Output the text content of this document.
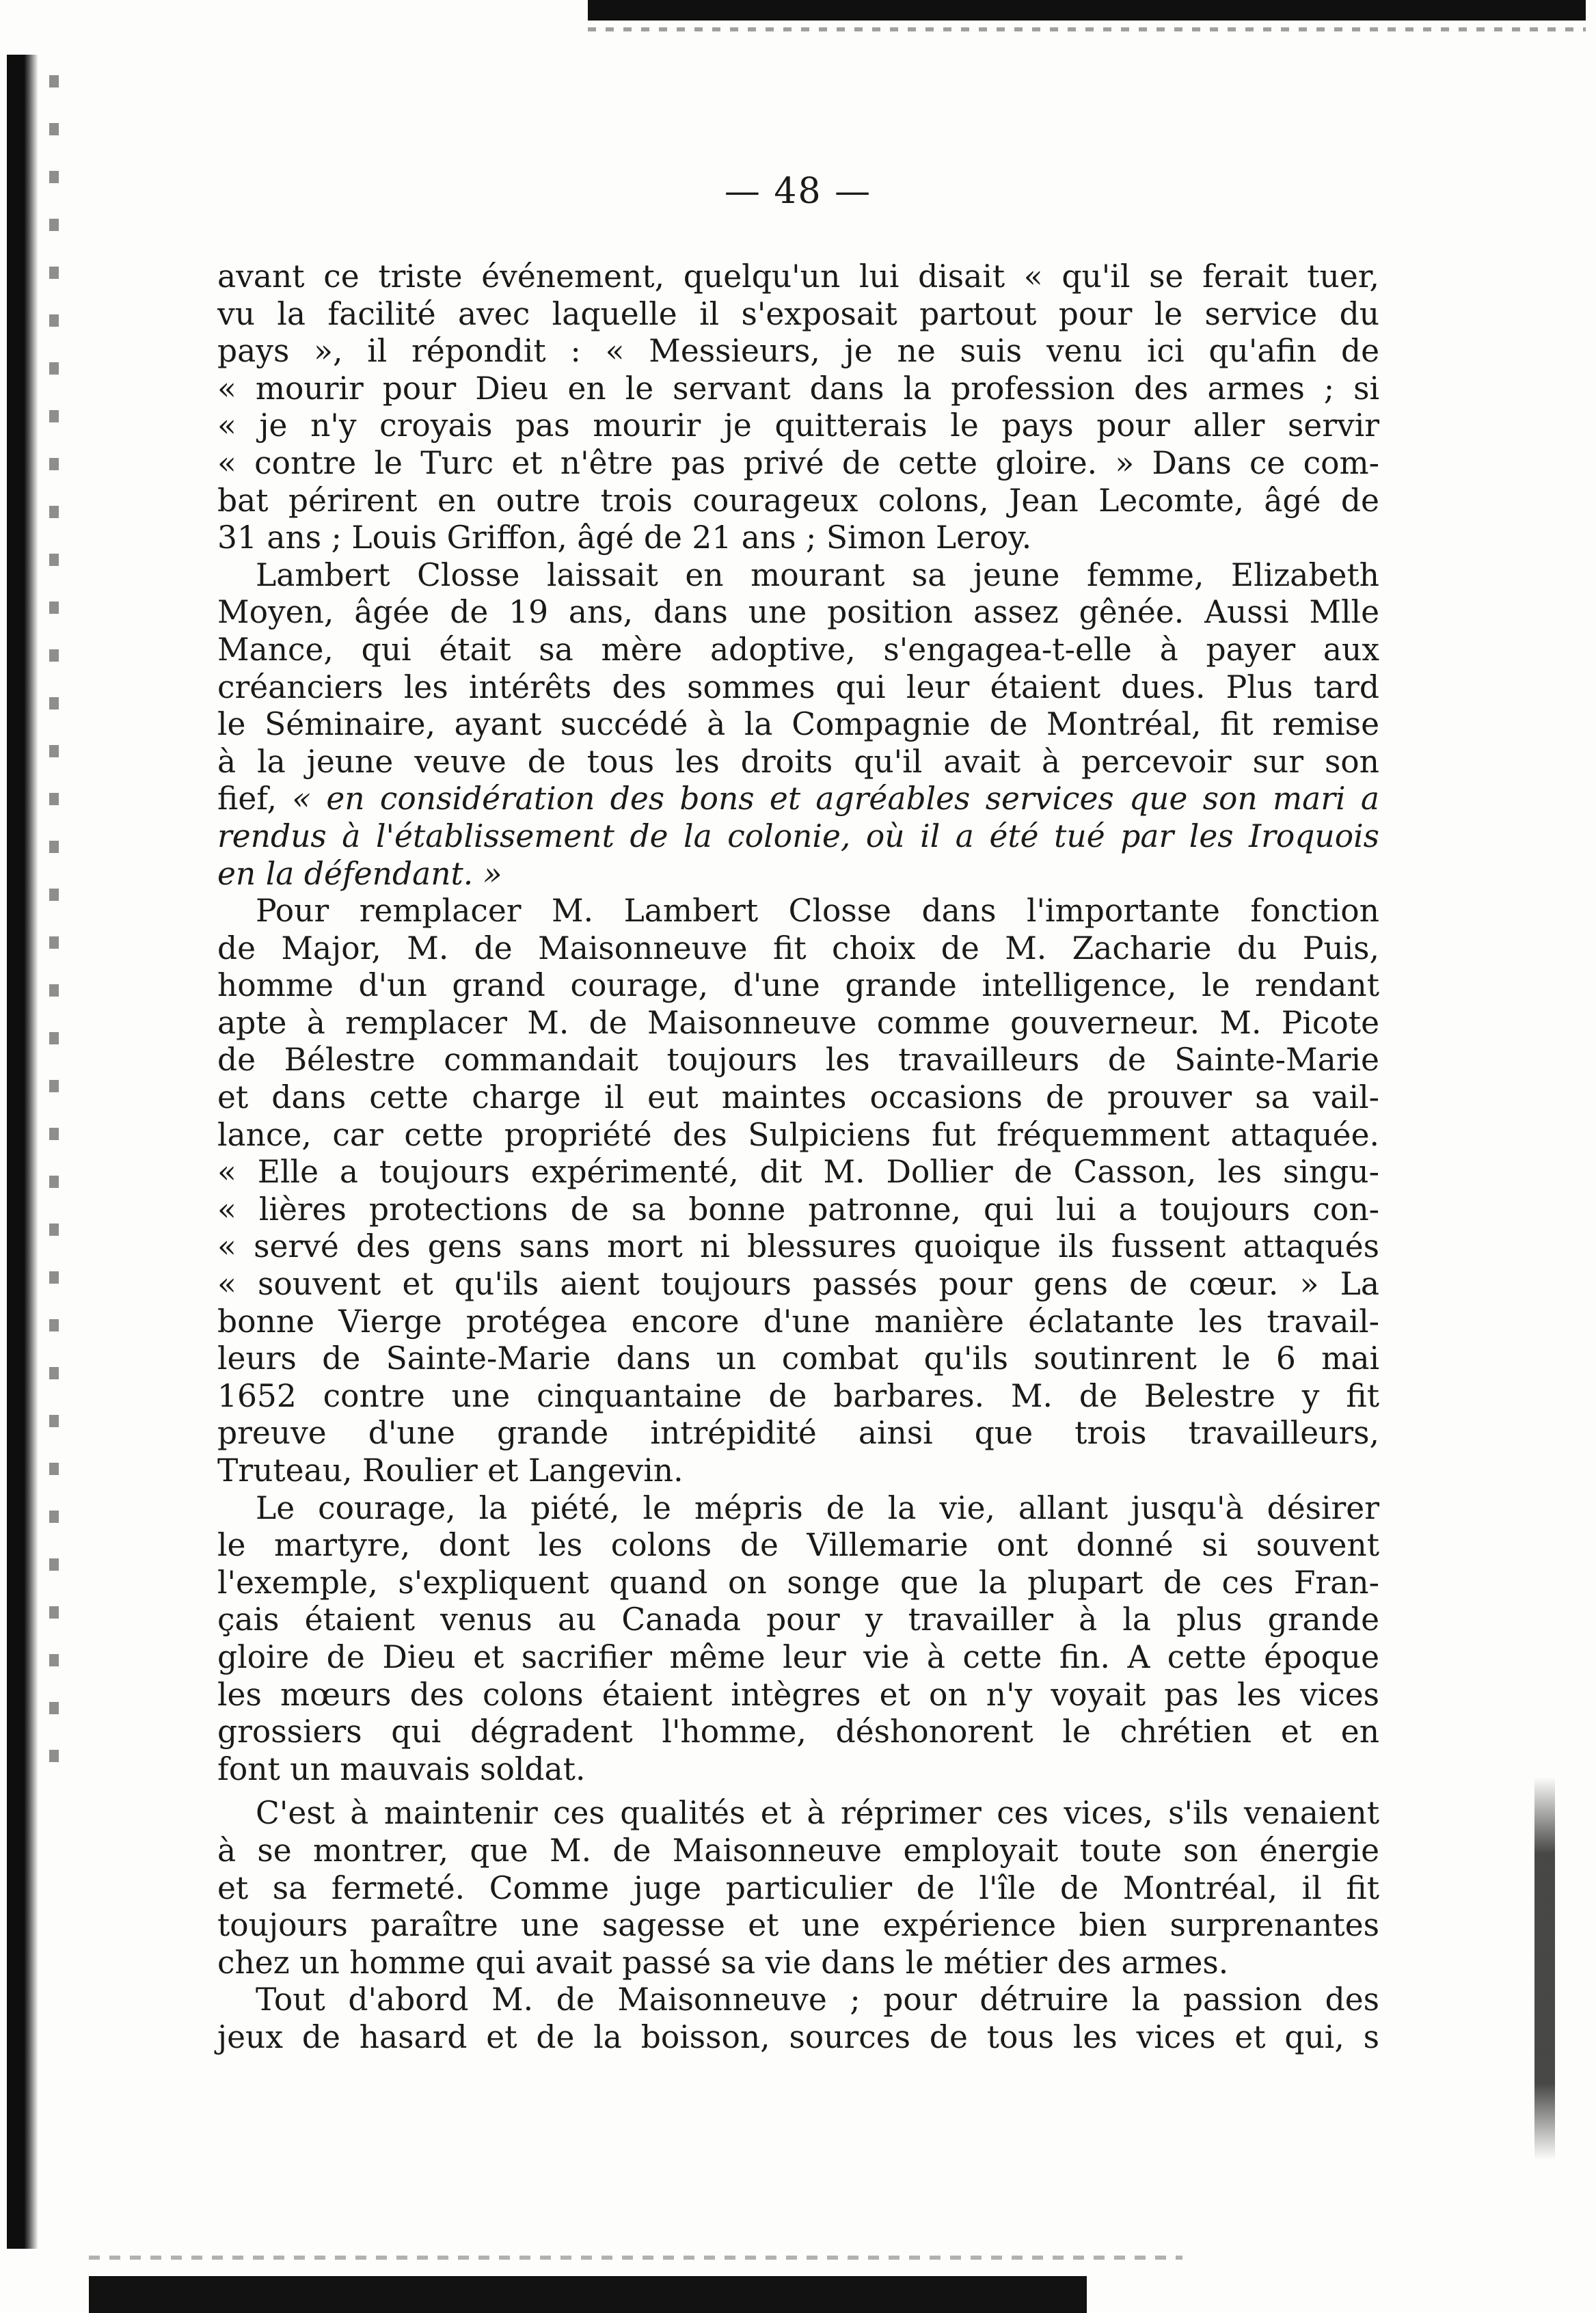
— 48 —
avant ce triste événement, quelqu'un lui disait « qu'il se ferait tuer,
vu la facilité avec laquelle il s'exposait partout pour le service du
pays », il répondit : « Messieurs, je ne suis venu ici qu'afin de
« mourir pour Dieu en le servant dans la profession des armes ; si
« je n'y croyais pas mourir je quitterais le pays pour aller servir
« contre le Turc et n'être pas privé de cette gloire. » Dans ce com-
bat périrent en outre trois courageux colons, Jean Lecomte, âgé de
31 ans ; Louis Griffon, âgé de 21 ans ; Simon Leroy.
Lambert Closse laissait en mourant sa jeune femme, Elizabeth
Moyen, âgée de 19 ans, dans une position assez gênée. Aussi Mlle
Mance, qui était sa mère adoptive, s'engagea-t-elle à payer aux
créanciers les intérêts des sommes qui leur étaient dues. Plus tard
le Séminaire, ayant succédé à la Compagnie de Montréal, fit remise
à la jeune veuve de tous les droits qu'il avait à percevoir sur son
fief, « en considération des bons et agréables services que son mari a
rendus à l'établissement de la colonie, où il a été tué par les Iroquois
en la défendant. »
Pour remplacer M. Lambert Closse dans l'importante fonction
de Major, M. de Maisonneuve fit choix de M. Zacharie du Puis,
homme d'un grand courage, d'une grande intelligence, le rendant
apte à remplacer M. de Maisonneuve comme gouverneur. M. Picote
de Bélestre commandait toujours les travailleurs de Sainte-Marie
et dans cette charge il eut maintes occasions de prouver sa vail-
lance, car cette propriété des Sulpiciens fut fréquemment attaquée.
« Elle a toujours expérimenté, dit M. Dollier de Casson, les singu-
« lières protections de sa bonne patronne, qui lui a toujours con-
« servé des gens sans mort ni blessures quoique ils fussent attaqués
« souvent et qu'ils aient toujours passés pour gens de cœur. » La
bonne Vierge protégea encore d'une manière éclatante les travail-
leurs de Sainte-Marie dans un combat qu'ils soutinrent le 6 mai
1652 contre une cinquantaine de barbares. M. de Belestre y fit
preuve d'une grande intrépidité ainsi que trois travailleurs,
Truteau, Roulier et Langevin.
Le courage, la piété, le mépris de la vie, allant jusqu'à désirer
le martyre, dont les colons de Villemarie ont donné si souvent
l'exemple, s'expliquent quand on songe que la plupart de ces Fran-
çais étaient venus au Canada pour y travailler à la plus grande
gloire de Dieu et sacrifier même leur vie à cette fin. A cette époque
les mœurs des colons étaient intègres et on n'y voyait pas les vices
grossiers qui dégradent l'homme, déshonorent le chrétien et en
font un mauvais soldat.
C'est à maintenir ces qualités et à réprimer ces vices, s'ils venaient
à se montrer, que M. de Maisonneuve employait toute son énergie
et sa fermeté. Comme juge particulier de l'île de Montréal, il fit
toujours paraître une sagesse et une expérience bien surprenantes
chez un homme qui avait passé sa vie dans le métier des armes.
Tout d'abord M. de Maisonneuve ; pour détruire la passion des
jeux de hasard et de la boisson, sources de tous les vices et qui, s
